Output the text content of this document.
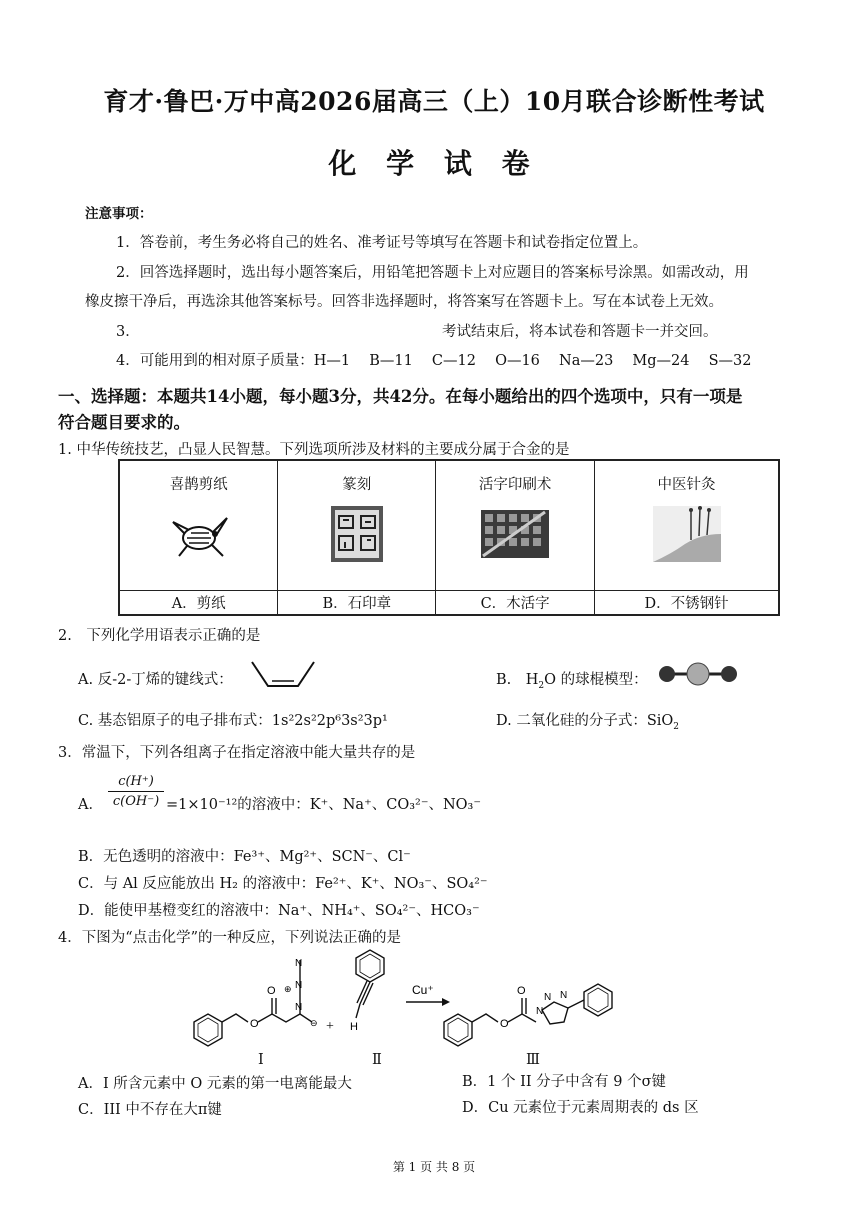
育才·鲁巴·万中高2026届高三（上）10月联合诊断性考试
化 学 试 卷
注意事项：
1．答卷前，考生务必将自己的姓名、准考证号等填写在答题卡和试卷指定位置上。
2．回答选择题时，选出每小题答案后，用铅笔把答题卡上对应题目的答案标号涂黑。如需改动，用
橡皮擦干净后，再选涂其他答案标号。回答非选择题时，将答案写在答题卡上。写在本试卷上无效。
3．	考试结束后，将本试卷和答题卡一并交回。
4．可能用到的相对原子质量：H—1　 B—11　 C—12　 O—16　 Na—23　 Mg—24　 S—32
一、选择题：本题共14小题，每小题3分，共42分。在每小题给出的四个选项中，只有一项是
符合题目要求的。
1. 中华传统技艺，凸显人民智慧。下列选项所涉及材料的主要成分属于合金的是
喜鹊剪纸	篆刻	活字印刷术	中医针灸

A．剪纸	B．石印章	C．木活字	D．不锈钢针
2.　下列化学用语表示正确的是
A. 反-2-丁烯的键线式：	B.　$H_2O$ 的球棍模型：
C. 基态铝原子的电子排布式：1s²2s²2p⁶3s²3p¹	D. 二氧化硅的分子式：SiO$_2$
3．常温下，下列各组离子在指定溶液中能大量共存的是
A． $\frac{c(H^+)}{c(OH^-)} =1\times 10^{-12}$的溶液中：K⁺、Na⁺、CO₃²⁻、NO₃⁻
B．无色透明的溶液中：Fe³⁺、Mg²⁺、SCN⁻、Cl⁻
C．与 Al 反应能放出 H₂ 的溶液中：Fe²⁺、K⁺、NO₃⁻、SO₄²⁻
D．能使甲基橙变红的溶液中：Na⁺、NH₄⁺、SO₄²⁻、HCO₃⁻
4．下图为“点击化学”的一种反应，下列说法正确的是
O
O
N
N
N
⊖
⊕
+ H
Cu⁺
O
O
N
N N
Ⅰ	Ⅱ	Ⅲ
A．I 所含元素中 O 元素的第一电离能最大	B．1 个 II 分子中含有 9 个σ键
C．III 中不存在大π键	D．Cu 元素位于元素周期表的 ds 区
第 1 页 共 8 页
